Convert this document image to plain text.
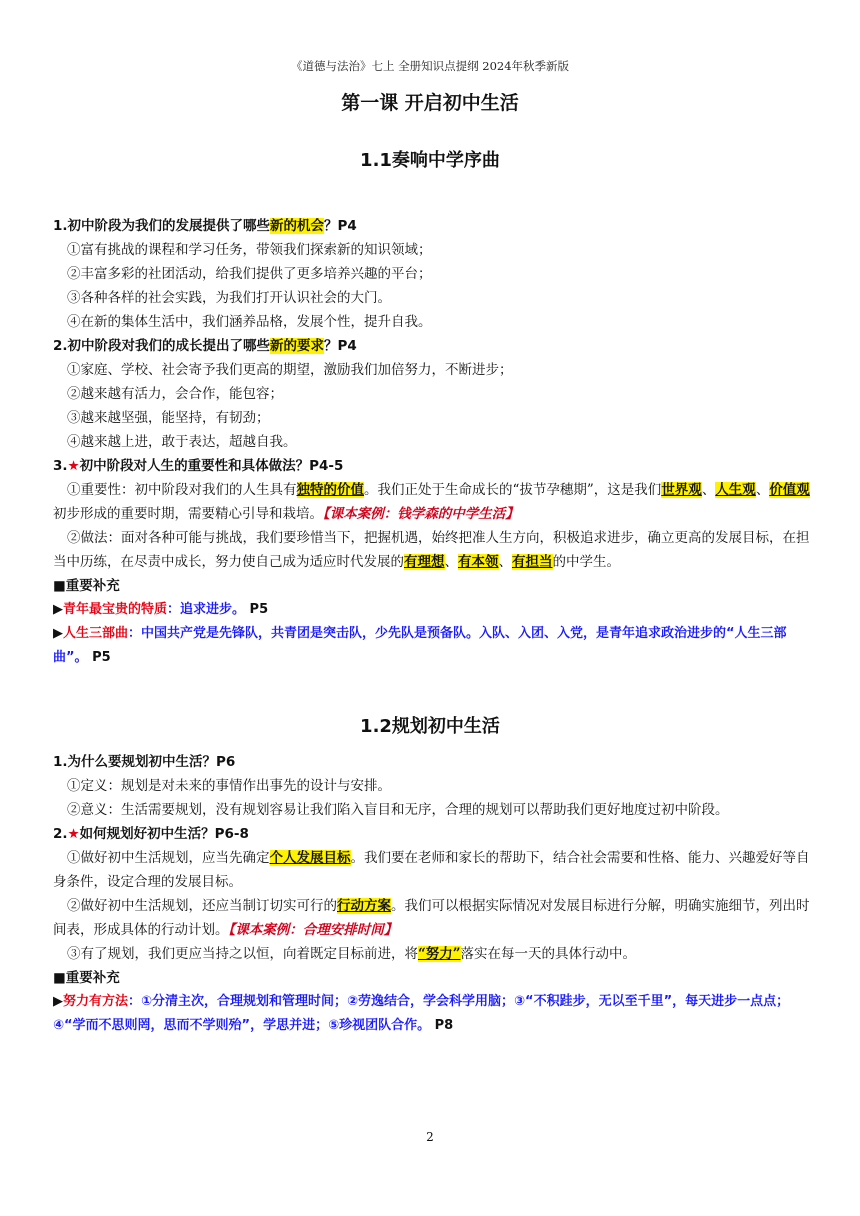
《道德与法治》七上 全册知识点提纲 2024年秋季新版
第一课 开启初中生活
1.1奏响中学序曲

1.初中阶段为我们的发展提供了哪些新的机会？P4

①富有挑战的课程和学习任务，带领我们探索新的知识领域；

②丰富多彩的社团活动，给我们提供了更多培养兴趣的平台；

③各种各样的社会实践，为我们打开认识社会的大门。

④在新的集体生活中，我们涵养品格，发展个性，提升自我。

2.初中阶段对我们的成长提出了哪些新的要求？P4

①家庭、学校、社会寄予我们更高的期望，激励我们加倍努力，不断进步；

②越来越有活力，会合作，能包容；

③越来越坚强，能坚持，有韧劲；

④越来越上进，敢于表达，超越自我。

3.★初中阶段对人生的重要性和具体做法？P4-5

①重要性：初中阶段对我们的人生具有独特的价值。我们正处于生命成长的“拔节孕穗期”，这是我们世界观、人生观、价值观初步形成的重要时期，需要精心引导和栽培。【课本案例：钱学森的中学生活】

②做法：面对各种可能与挑战，我们要珍惜当下，把握机遇，始终把准人生方向，积极追求进步，确立更高的发展目标，在担当中历练，在尽责中成长，努力使自己成为适应时代发展的有理想、有本领、有担当的中学生。

■重要补充

▶青年最宝贵的特质：追求进步。 P5

▶人生三部曲：中国共产党是先锋队，共青团是突击队，少先队是预备队。入队、入团、入党，是青年追求政治进步的“人生三部曲”。 P5

1.2规划初中生活

1.为什么要规划初中生活？P6

①定义：规划是对未来的事情作出事先的设计与安排。

②意义：生活需要规划，没有规划容易让我们陷入盲目和无序，合理的规划可以帮助我们更好地度过初中阶段。

2.★如何规划好初中生活？P6-8

①做好初中生活规划，应当先确定个人发展目标。我们要在老师和家长的帮助下，结合社会需要和性格、能力、兴趣爱好等自身条件，设定合理的发展目标。

②做好初中生活规划，还应当制订切实可行的行动方案。我们可以根据实际情况对发展目标进行分解，明确实施细节，列出时间表，形成具体的行动计划。【课本案例：合理安排时间】

③有了规划，我们更应当持之以恒，向着既定目标前进，将“努力”落实在每一天的具体行动中。

■重要补充

▶努力有方法：①分清主次，合理规划和管理时间；②劳逸结合，学会科学用脑；③“不积跬步，无以至千里”，每天进步一点点；④“学而不思则罔，思而不学则殆”，学思并进；⑤珍视团队合作。 P8

2
